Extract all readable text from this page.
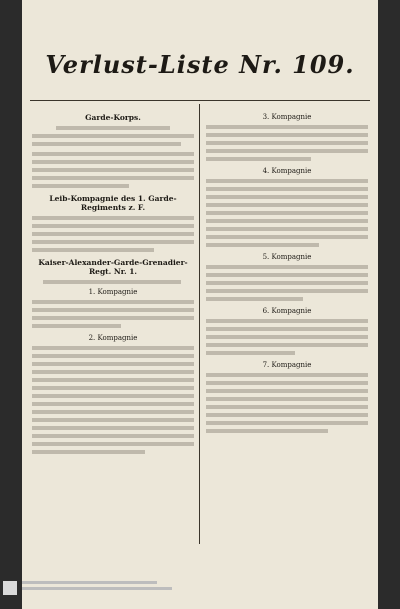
Verlust-Liste Nr. 109.
Garde-Korps.
Leib-Kompagnie des 1. Garde-Regiments z. F.
Kaiser-Alexander-Garde-Grenadier-Regt. Nr. 1.
1. Kompagnie
2. Kompagnie
3. Kompagnie
4. Kompagnie
5. Kompagnie
6. Kompagnie
7. Kompagnie
